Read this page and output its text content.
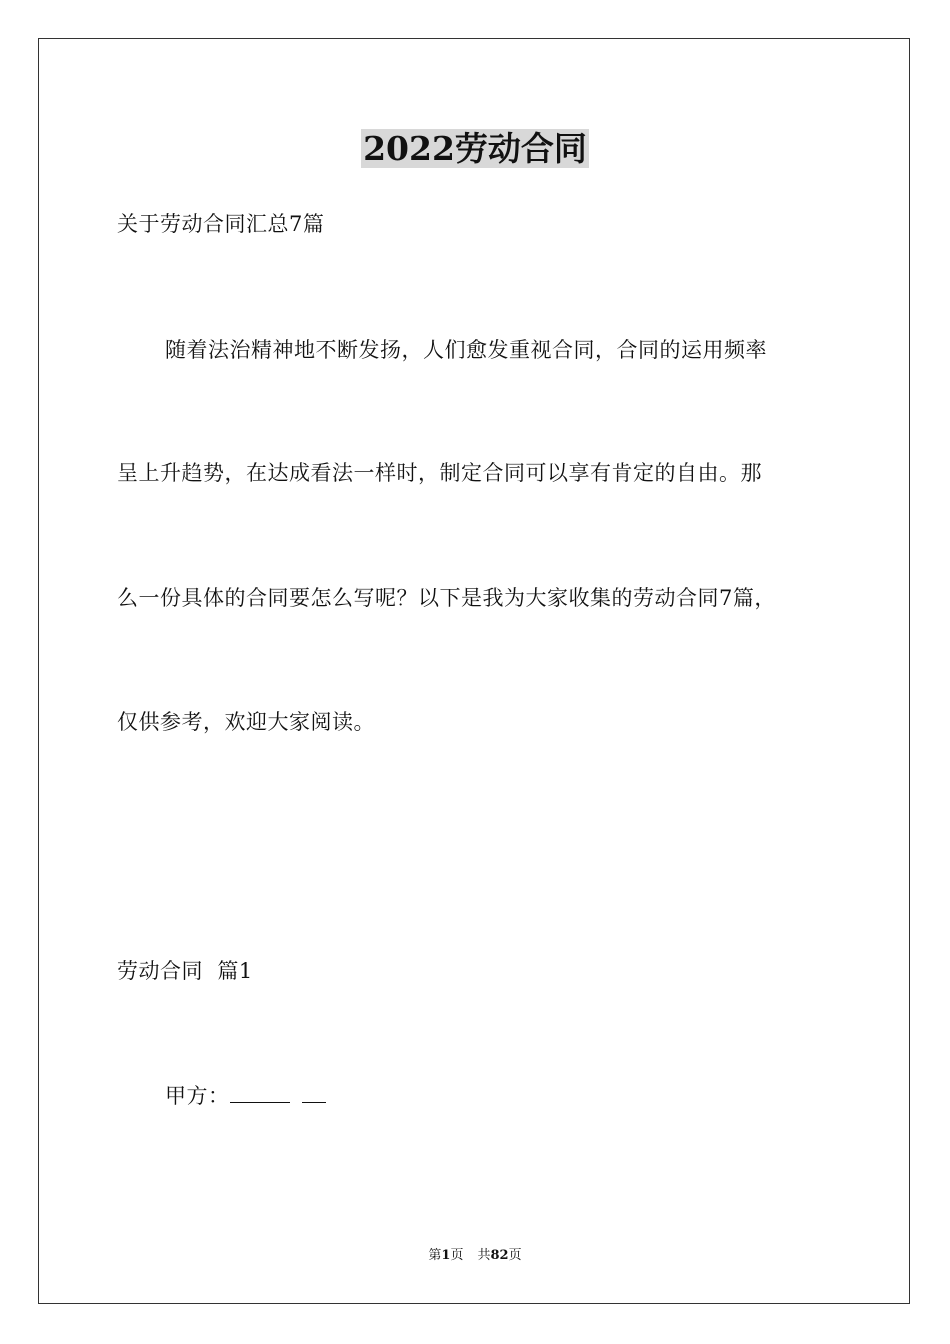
2022劳动合同
关于劳动合同汇总7篇
随着法治精神地不断发扬，人们愈发重视合同，合同的运用频率
呈上升趋势，在达成看法一样时，制定合同可以享有肯定的自由。那
么一份具体的合同要怎么写呢？以下是我为大家收集的劳动合同7篇，
仅供参考，欢迎大家阅读。
劳动合同  篇1
甲方：
第1页 共82页
